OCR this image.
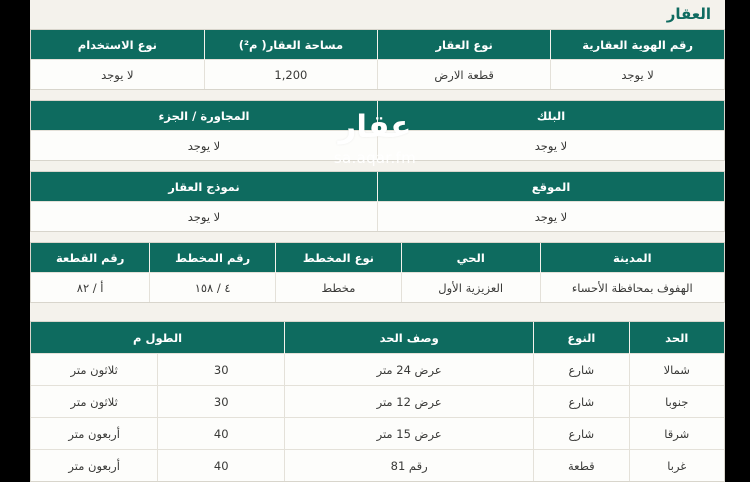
العقار
رقم الهوية العقارية	نوع العقار	مساحة العقار( م²)	نوع الاستخدام
لا يوجد	قطعة الارض	1,200	لا يوجد
البلك	المجاورة / الجزء
لا يوجد	لا يوجد
الموقع	نموذج العقار
لا يوجد	لا يوجد
المدينة	الحي	نوع المخطط	رقم المخطط	رقم القطعة
الهفوف بمحافظة الأحساء	العزيزية الأول	مخطط	٤ / ١٥٨	أ / ٨٢
الحد	النوع	وصف الحد	الطول م	
شمالا	شارع	عرض 24 متر	30	ثلاثون متر
جنوبا	شارع	عرض 12 متر	30	ثلاثون متر
شرقا	شارع	عرض 15 متر	40	أربعون متر
غربا	قطعة	رقم 81	40	أربعون متر
عقار
sa.aqar.fm
